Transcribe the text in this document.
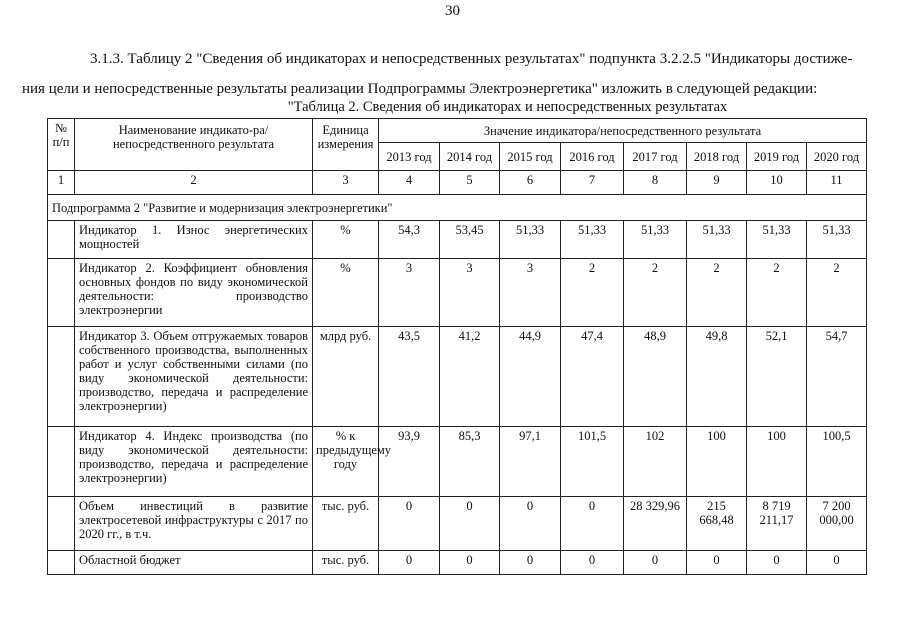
30
3.1.3. Таблицу 2 "Сведения об индикаторах и непосредственных результатах" подпункта 3.2.2.5 "Индикаторы достиже-
ния цели и непосредственные результаты реализации Подпрограммы Электроэнергетика" изложить в следующей редакции:
"Таблица 2. Сведения об индикаторах и непосредственных результатах
№ п/п	Наименование индикато-ра/непосредственного результата	Единица измерения	Значение индикатора/непосредственного результата							
			2013 год	2014 год	2015 год	2016 год	2017 год	2018 год	2019 год	2020 год
1	2	3	4	5	6	7	8	9	10	11
Подпрограмма 2 "Развитие и модернизация электроэнергетики"										
	Индикатор 1. Износ энергетических мощностей	%	54,3	53,45	51,33	51,33	51,33	51,33	51,33	51,33
	Индикатор 2. Коэффициент обновления основных фондов по виду экономической деятельности: производство электроэнергии	%	3	3	3	2	2	2	2	2
	Индикатор 3. Объем отгружаемых товаров собственного производства, выполненных работ и услуг собственными силами (по виду экономической деятельности: производство, передача и распределение электроэнергии)	млрд руб.	43,5	41,2	44,9	47,4	48,9	49,8	52,1	54,7
	Индикатор 4. Индекс производства (по виду экономической деятельности: производство, передача и распределение электроэнергии)	% к предыдущему году	93,9	85,3	97,1	101,5	102	100	100	100,5
	Объем инвестиций в развитие электросетевой инфраструктуры с 2017 по 2020 гг., в т.ч.	тыс. руб.	0	0	0	0	28 329,96	215 668,48	8 719 211,17	7 200 000,00
	Областной бюджет	тыс. руб.	0	0	0	0	0	0	0	0
